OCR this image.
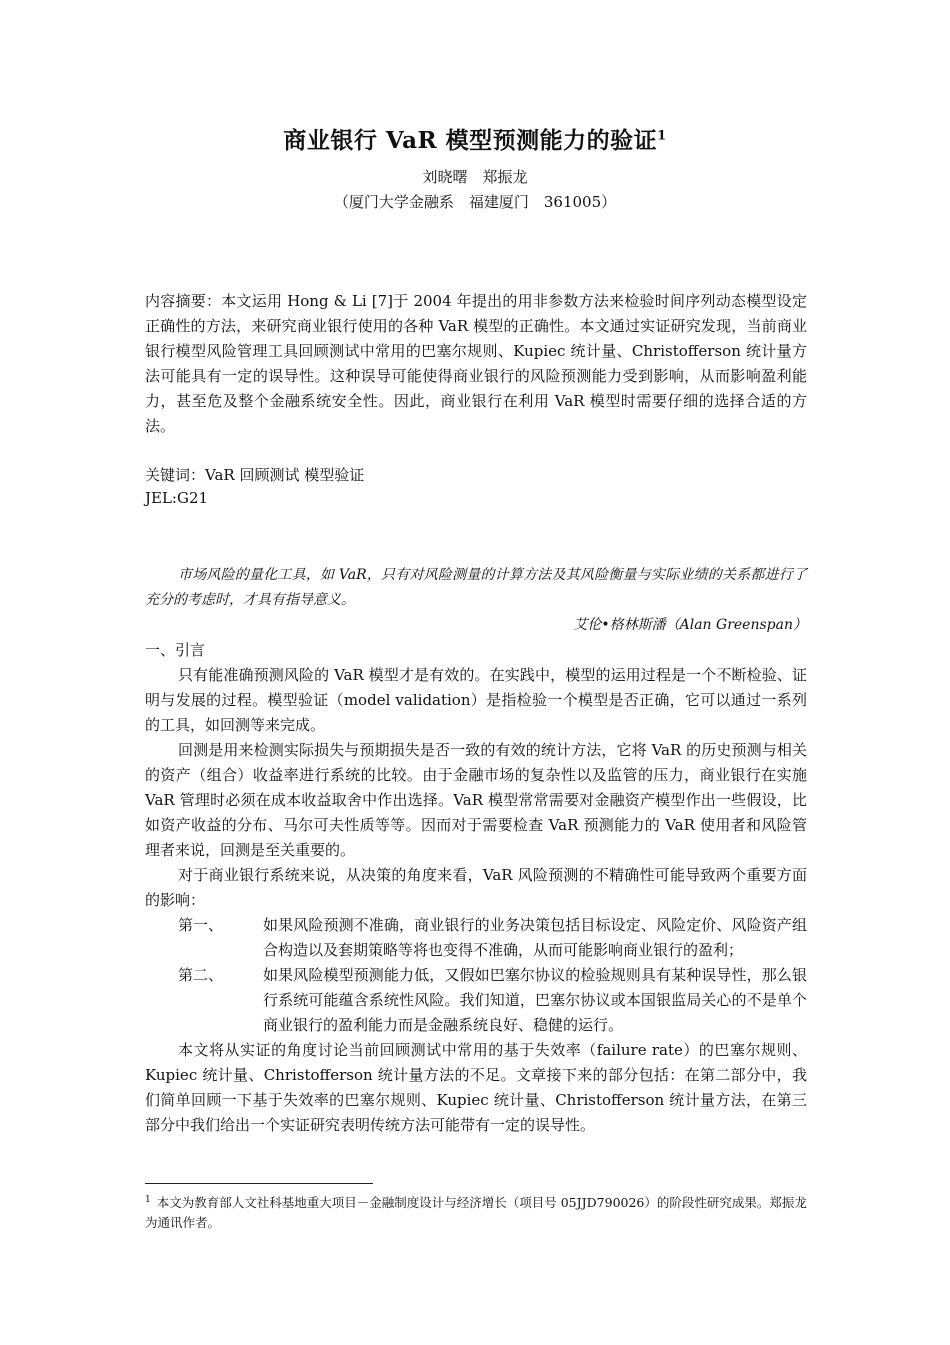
商业银行 VaR 模型预测能力的验证$^1$
刘晓曙　郑振龙
（厦门大学金融系　福建厦门　361005）
内容摘要：本文运用 Hong & Li [7]于 2004 年提出的用非参数方法来检验时间序列动态模型设定正确性的方法，来研究商业银行使用的各种 VaR 模型的正确性。本文通过实证研究发现，当前商业银行模型风险管理工具回顾测试中常用的巴塞尔规则、Kupiec 统计量、Christofferson 统计量方法可能具有一定的误导性。这种误导可能使得商业银行的风险预测能力受到影响，从而影响盈利能力，甚至危及整个金融系统安全性。因此，商业银行在利用 VaR 模型时需要仔细的选择合适的方法。
关键词：VaR 回顾测试 模型验证
JEL:G21
市场风险的量化工具，如 VaR，只有对风险测量的计算方法及其风险衡量与实际业绩的关系都进行了充分的考虑时，才具有指导意义。
艾伦•格林斯潘（Alan Greenspan）
一、引言

只有能准确预测风险的 VaR 模型才是有效的。在实践中，模型的运用过程是一个不断检验、证明与发展的过程。模型验证（model validation）是指检验一个模型是否正确，它可以通过一系列的工具，如回测等来完成。

回测是用来检测实际损失与预期损失是否一致的有效的统计方法，它将 VaR 的历史预测与相关的资产（组合）收益率进行系统的比较。由于金融市场的复杂性以及监管的压力，商业银行在实施 VaR 管理时必须在成本收益取舍中作出选择。VaR 模型常常需要对金融资产模型作出一些假设，比如资产收益的分布、马尔可夫性质等等。因而对于需要检查 VaR 预测能力的 VaR 使用者和风险管理者来说，回测是至关重要的。

对于商业银行系统来说，从决策的角度来看，VaR 风险预测的不精确性可能导致两个重要方面的影响：

第一、	如果风险预测不准确，商业银行的业务决策包括目标设定、风险定价、风险资产组合构造以及套期策略等将也变得不准确，从而可能影响商业银行的盈利；
第二、	如果风险模型预测能力低，又假如巴塞尔协议的检验规则具有某种误导性，那么银行系统可能蕴含系统性风险。我们知道，巴塞尔协议或本国银监局关心的不是单个商业银行的盈利能力而是金融系统良好、稳健的运行。

本文将从实证的角度讨论当前回顾测试中常用的基于失效率（failure rate）的巴塞尔规则、Kupiec 统计量、Christofferson 统计量方法的不足。文章接下来的部分包括：在第二部分中，我们简单回顾一下基于失效率的巴塞尔规则、Kupiec 统计量、Christofferson 统计量方法，在第三部分中我们给出一个实证研究表明传统方法可能带有一定的误导性。

$^1$ 本文为教育部人文社科基地重大项目－金融制度设计与经济增长（项目号 05JJD790026）的阶段性研究成果。郑振龙为通讯作者。
